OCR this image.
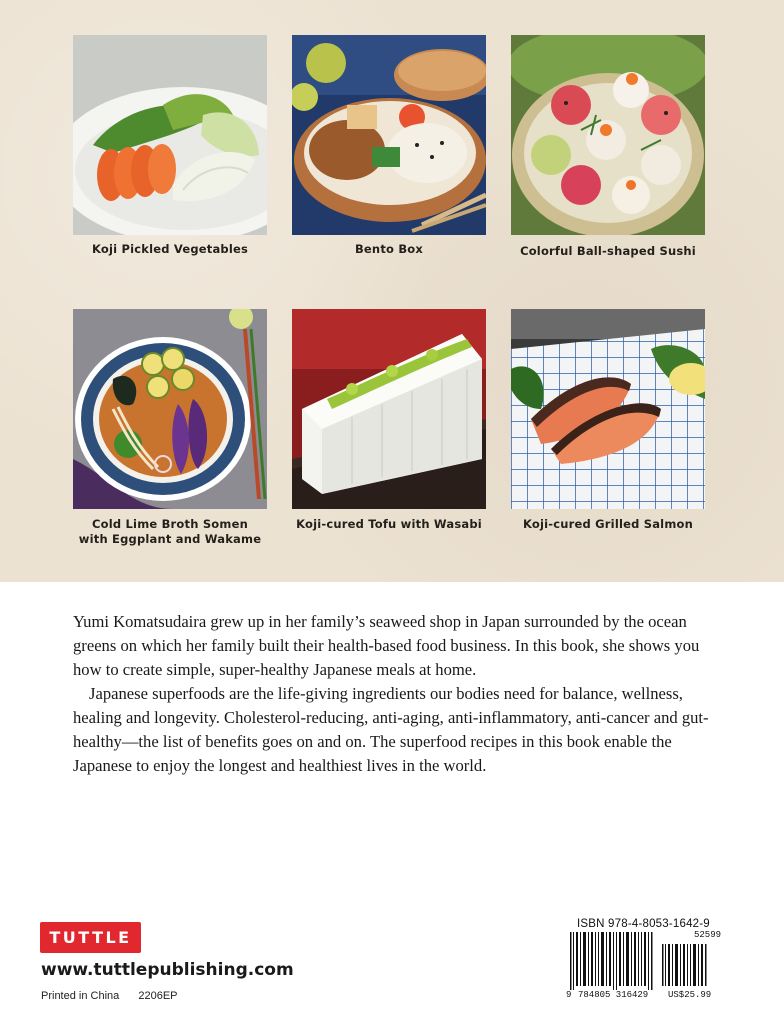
Koji Pickled Vegetables	Bento Box	Colorful Ball-shaped Sushi
Cold Lime Broth Somen
with Eggplant and Wakame
Koji-cured Tofu with Wasabi	Koji-cured Grilled Salmon

Yumi Komatsudaira grew up in her family’s seaweed shop in Japan surrounded by the ocean greens on which her family built their health-based food business. In this book, she shows you how to create simple, super-healthy Japanese meals at home.

Japanese superfoods are the life-giving ingredients our bodies need for balance, wellness, healing and longevity. Cholesterol-reducing, anti-aging, anti-inflammatory, anti-cancer and gut-healthy—the list of benefits goes on and on. The superfood recipes in this book enable the Japanese to enjoy the longest and healthiest lives in the world.

TUTTLE
www.tuttlepublishing.com
Printed in China 2206EP
ISBN 978-4-8053-1642-9
52599
9 784805 316429 US$25.99
